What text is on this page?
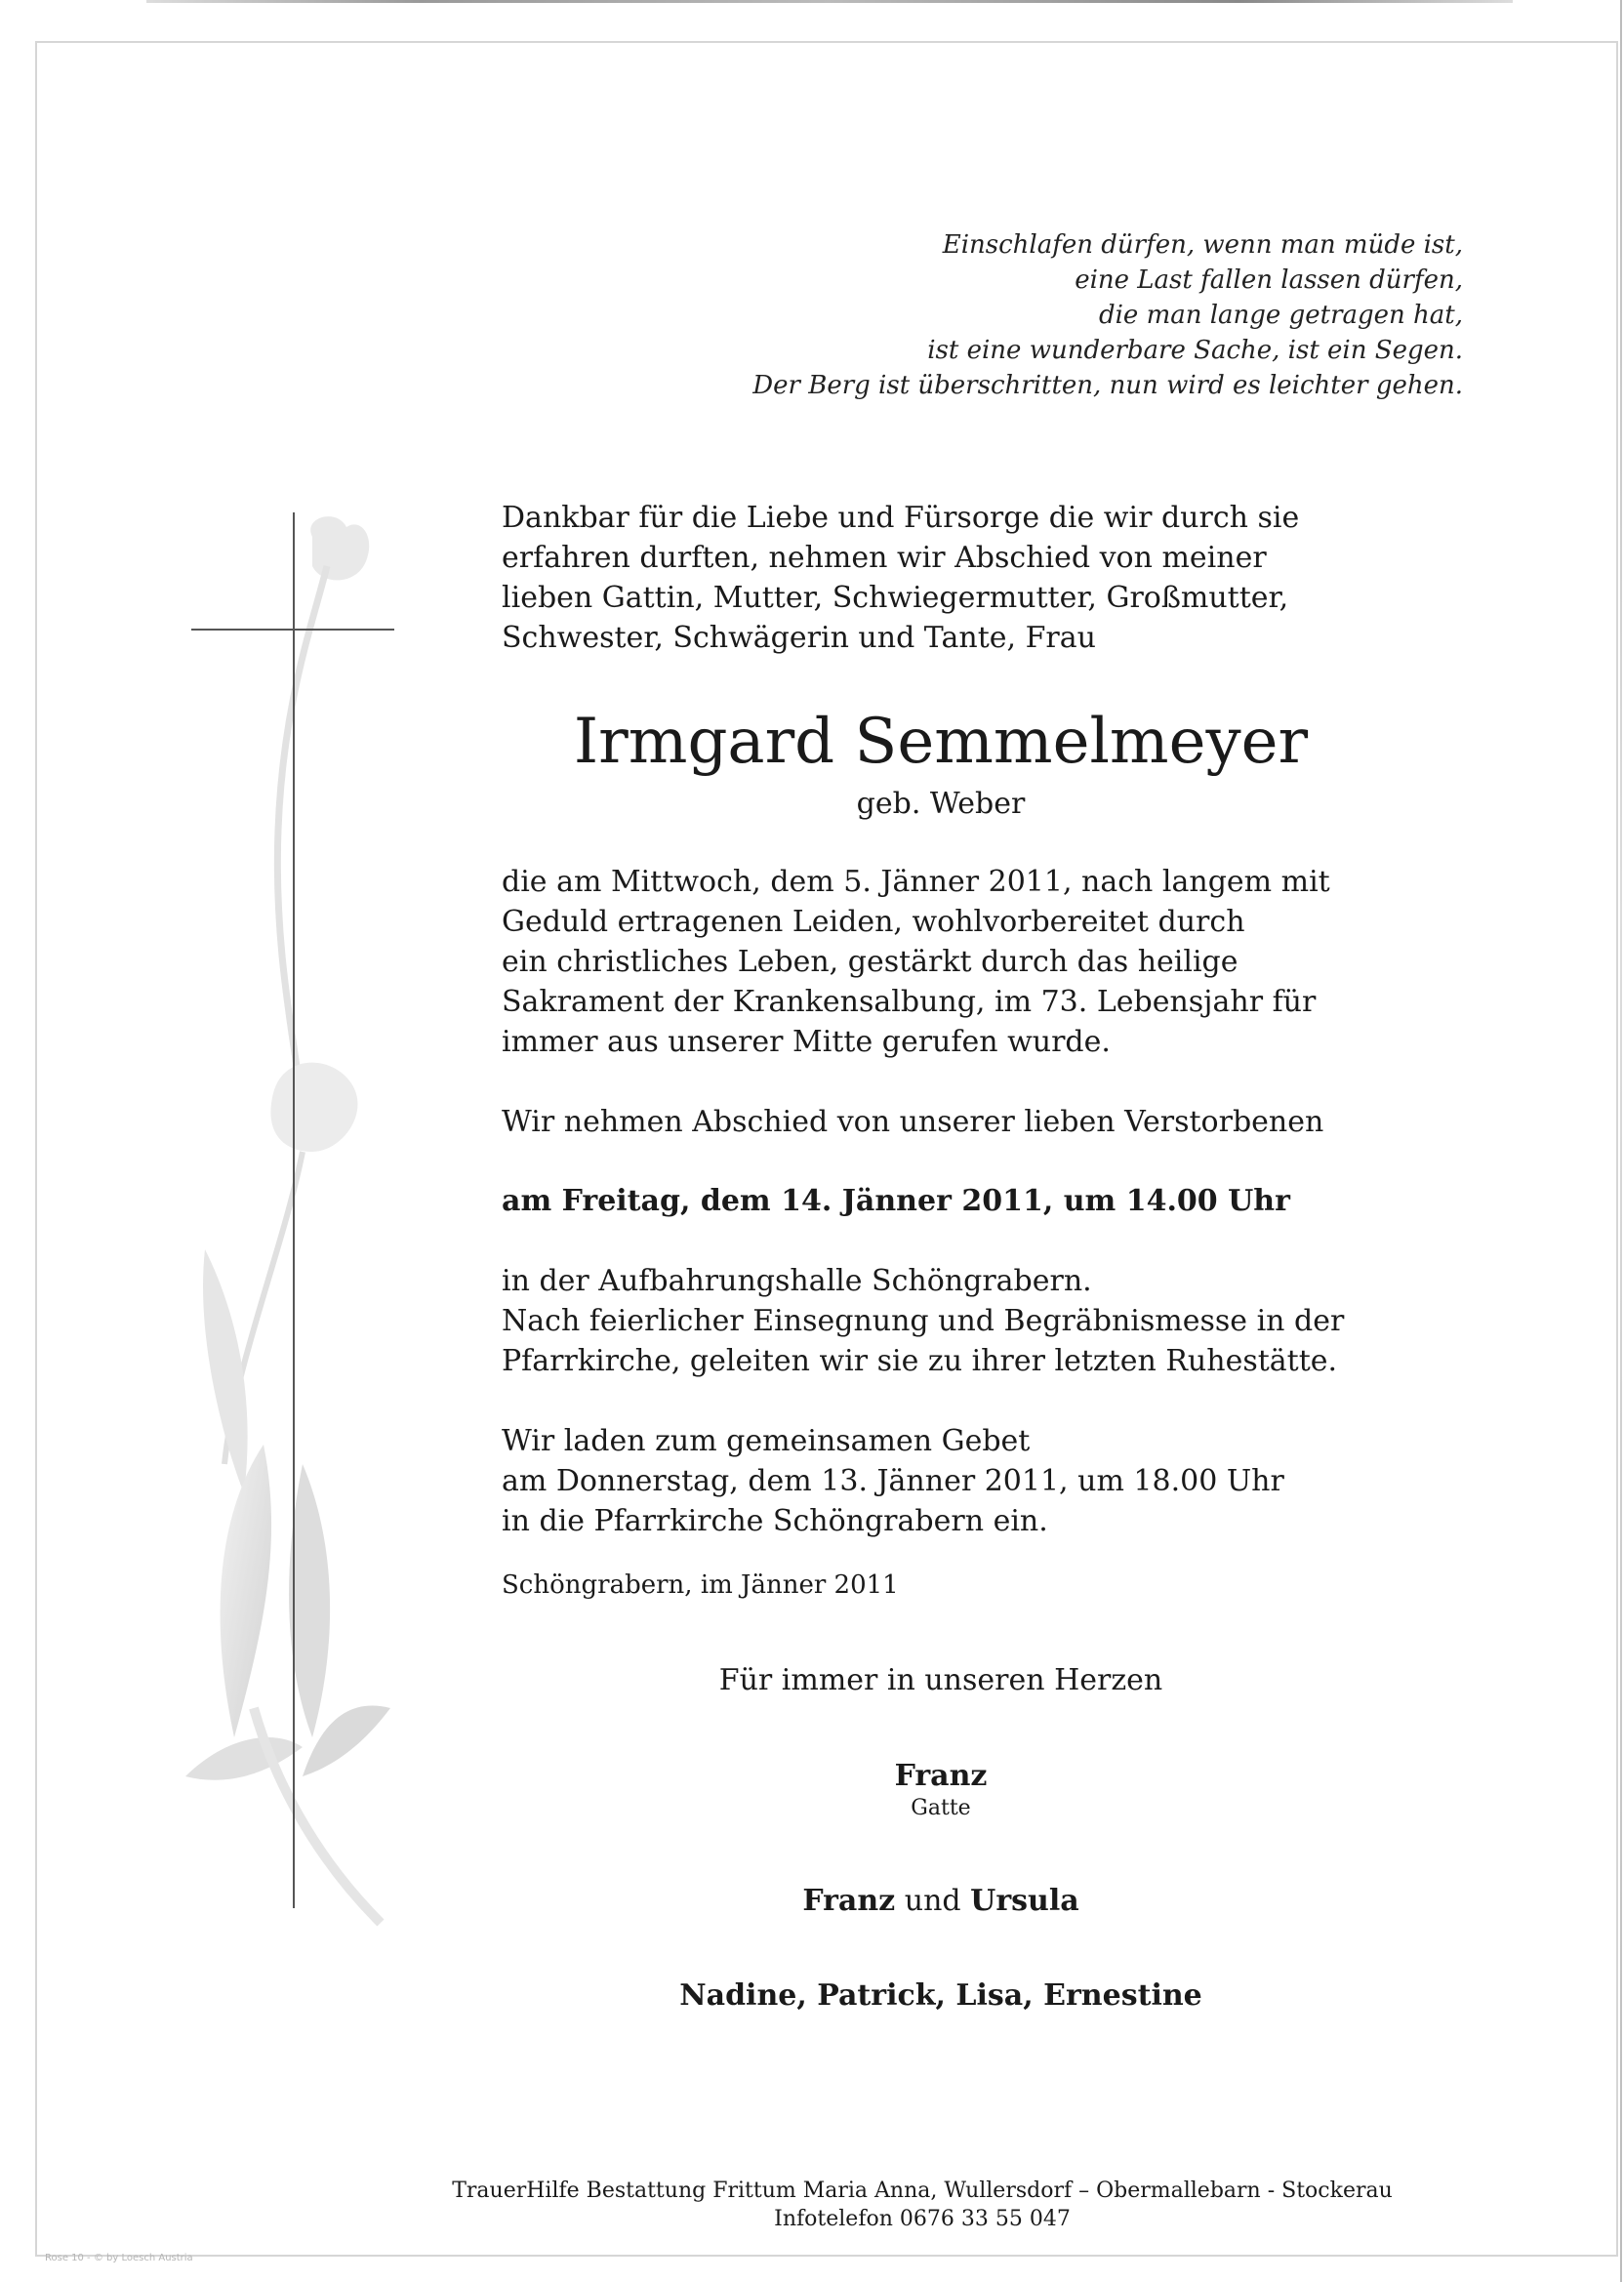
Einschlafen dürfen, wenn man müde ist,
eine Last fallen lassen dürfen,
die man lange getragen hat,
ist eine wunderbare Sache, ist ein Segen.
Der Berg ist überschritten, nun wird es leichter gehen.
Dankbar für die Liebe und Fürsorge die wir durch sie
erfahren durften, nehmen wir Abschied von meiner
lieben Gattin, Mutter, Schwiegermutter, Großmutter,
Schwester, Schwägerin und Tante, Frau
Irmgard Semmelmeyer
geb. Weber
die am Mittwoch, dem 5. Jänner 2011, nach langem mit
Geduld ertragenen Leiden, wohlvorbereitet durch
ein christliches Leben, gestärkt durch das heilige
Sakrament der Krankensalbung, im 73. Lebensjahr für
immer aus unserer Mitte gerufen wurde.
Wir nehmen Abschied von unserer lieben Verstorbenen
am Freitag, dem 14. Jänner 2011, um 14.00 Uhr
in der Aufbahrungshalle Schöngrabern.
Nach feierlicher Einsegnung und Begräbnismesse in der
Pfarrkirche, geleiten wir sie zu ihrer letzten Ruhestätte.
Wir laden zum gemeinsamen Gebet
am Donnerstag, dem 13. Jänner 2011, um 18.00 Uhr
in die Pfarrkirche Schöngrabern ein.
Schöngrabern, im Jänner 2011
Für immer in unseren Herzen
Franz
Gatte
Franz und Ursula
Nadine, Patrick, Lisa, Ernestine
TrauerHilfe Bestattung Frittum Maria Anna, Wullersdorf – Obermallebarn - Stockerau
Infotelefon 0676 33 55 047
Rose 10 - © by Loesch Austria
